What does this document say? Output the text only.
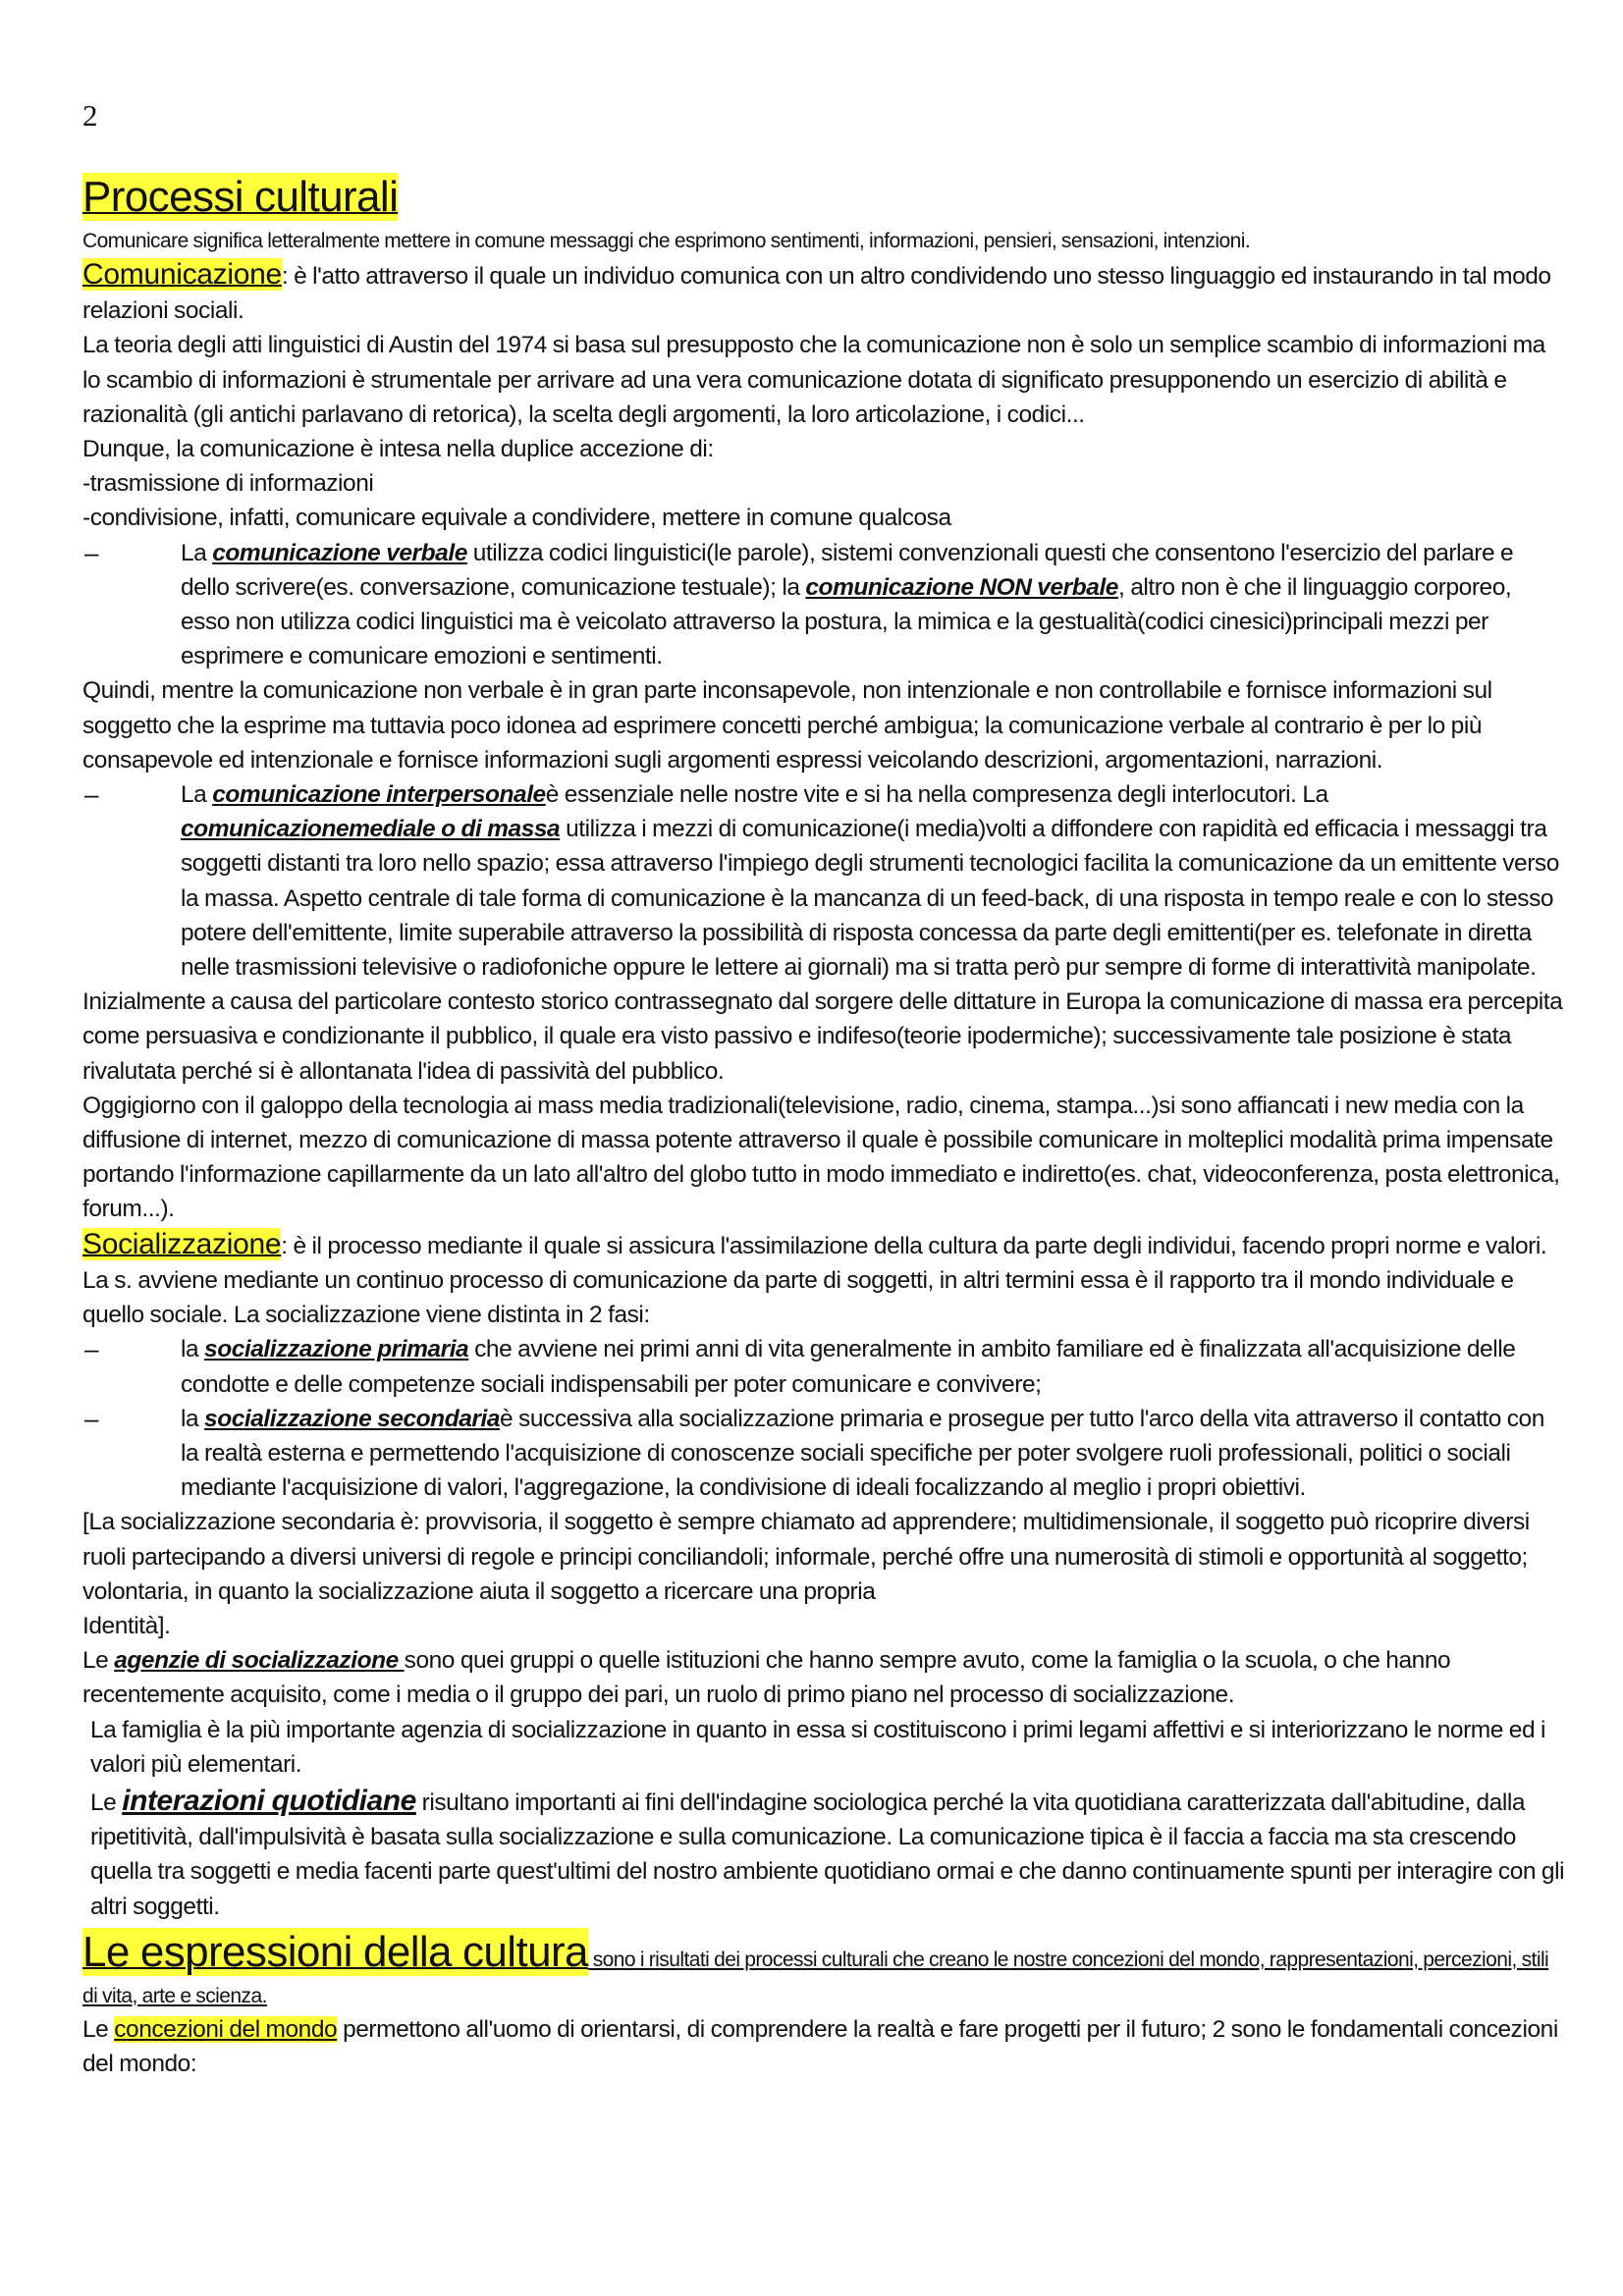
2
Processi culturali

Comunicare significa letteralmente mettere in comune messaggi che esprimono sentimenti, informazioni, pensieri, sensazioni, intenzioni.

Comunicazione: è l'atto attraverso il quale un individuo comunica con un altro condividendo uno stesso linguaggio ed instaurando in tal modo relazioni sociali.

La teoria degli atti linguistici di Austin del 1974 si basa sul presupposto che la comunicazione non è solo un semplice scambio di informazioni ma lo scambio di informazioni è strumentale per arrivare ad una vera comunicazione dotata di significato presupponendo un esercizio di abilità e razionalità (gli antichi parlavano di retorica), la scelta degli argomenti, la loro articolazione, i codici...

Dunque, la comunicazione è intesa nella duplice accezione di:

-trasmissione di informazioni

-condivisione, infatti, comunicare equivale a condividere, mettere in comune qualcosa

– La comunicazione verbale utilizza codici linguistici(le parole), sistemi convenzionali questi che consentono l'esercizio del parlare e dello scrivere(es. conversazione, comunicazione testuale); la comunicazione NON verbale, altro non è che il linguaggio corporeo, esso non utilizza codici linguistici ma è veicolato attraverso la postura, la mimica e la gestualità(codici cinesici)principali mezzi per esprimere e comunicare emozioni e sentimenti.

Quindi, mentre la comunicazione non verbale è in gran parte inconsapevole, non intenzionale e non controllabile e fornisce informazioni sul soggetto che la esprime ma tuttavia poco idonea ad esprimere concetti perché ambigua; la comunicazione verbale al contrario è per lo più consapevole ed intenzionale e fornisce informazioni sugli argomenti espressi veicolando descrizioni, argomentazioni, narrazioni.

– La comunicazione interpersonaleè essenziale nelle nostre vite e si ha nella compresenza degli interlocutori. La comunicazionemediale o di massa utilizza i mezzi di comunicazione(i media)volti a diffondere con rapidità ed efficacia i messaggi tra soggetti distanti tra loro nello spazio; essa attraverso l'impiego degli strumenti tecnologici facilita la comunicazione da un emittente verso la massa. Aspetto centrale di tale forma di comunicazione è la mancanza di un feed-back, di una risposta in tempo reale e con lo stesso potere dell'emittente, limite superabile attraverso la possibilità di risposta concessa da parte degli emittenti(per es. telefonate in diretta nelle trasmissioni televisive o radiofoniche oppure le lettere ai giornali) ma si tratta però pur sempre di forme di interattività manipolate.

Inizialmente a causa del particolare contesto storico contrassegnato dal sorgere delle dittature in Europa la comunicazione di massa era percepita come persuasiva e condizionante il pubblico, il quale era visto passivo e indifeso(teorie ipodermiche); successivamente tale posizione è stata rivalutata perché si è allontanata l'idea di passività del pubblico.

Oggigiorno con il galoppo della tecnologia ai mass media tradizionali(televisione, radio, cinema, stampa...)si sono affiancati i new media con la diffusione di internet, mezzo di comunicazione di massa potente attraverso il quale è possibile comunicare in molteplici modalità prima impensate portando l'informazione capillarmente da un lato all'altro del globo tutto in modo immediato e indiretto(es. chat, videoconferenza, posta elettronica, forum...).

Socializzazione: è il processo mediante il quale si assicura l'assimilazione della cultura da parte degli individui, facendo propri norme e valori. La s. avviene mediante un continuo processo di comunicazione da parte di soggetti, in altri termini essa è il rapporto tra il mondo individuale e quello sociale. La socializzazione viene distinta in 2 fasi:

– la socializzazione primaria che avviene nei primi anni di vita generalmente in ambito familiare ed è finalizzata all'acquisizione delle condotte e delle competenze sociali indispensabili per poter comunicare e convivere;
– la socializzazione secondariaè successiva alla socializzazione primaria e prosegue per tutto l'arco della vita attraverso il contatto con la realtà esterna e permettendo l'acquisizione di conoscenze sociali specifiche per poter svolgere ruoli professionali, politici o sociali mediante l'acquisizione di valori, l'aggregazione, la condivisione di ideali focalizzando al meglio i propri obiettivi.

[La socializzazione secondaria è: provvisoria, il soggetto è sempre chiamato ad apprendere; multidimensionale, il soggetto può ricoprire diversi ruoli partecipando a diversi universi di regole e principi conciliandoli; informale, perché offre una numerosità di stimoli e opportunità al soggetto; volontaria, in quanto la socializzazione aiuta il soggetto a ricercare una propria

Identità].

Le agenzie di socializzazione sono quei gruppi o quelle istituzioni che hanno sempre avuto, come la famiglia o la scuola, o che hanno recentemente acquisito, come i media o il gruppo dei pari, un ruolo di primo piano nel processo di socializzazione.

La famiglia è la più importante agenzia di socializzazione in quanto in essa si costituiscono i primi legami affettivi e si interiorizzano le norme ed i valori più elementari.

Le interazioni quotidiane risultano importanti ai fini dell'indagine sociologica perché la vita quotidiana caratterizzata dall'abitudine, dalla ripetitività, dall'impulsività è basata sulla socializzazione e sulla comunicazione. La comunicazione tipica è il faccia a faccia ma sta crescendo quella tra soggetti e media facenti parte quest'ultimi del nostro ambiente quotidiano ormai e che danno continuamente spunti per interagire con gli altri soggetti.

Le espressioni della cultura sono i risultati dei processi culturali che creano le nostre concezioni del mondo, rappresentazioni, percezioni, stili di vita, arte e scienza.

Le concezioni del mondo permettono all'uomo di orientarsi, di comprendere la realtà e fare progetti per il futuro; 2 sono le fondamentali concezioni del mondo:
